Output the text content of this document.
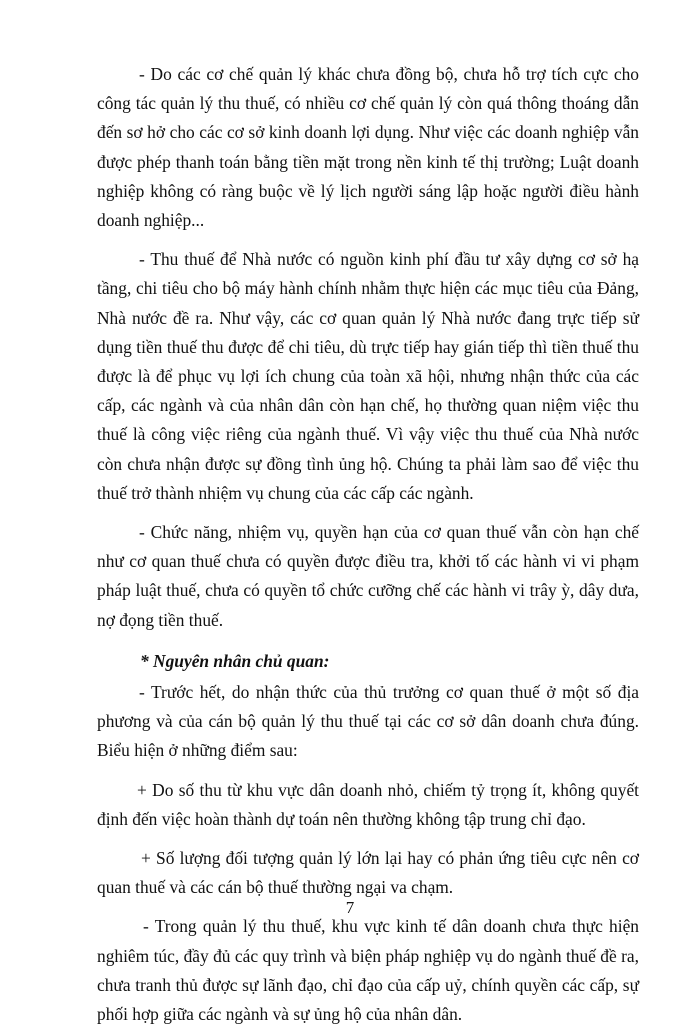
- Do các cơ chế quản lý khác chưa đồng bộ, chưa hỗ trợ tích cực cho công tác quản lý thu thuế, có nhiều cơ chế quản lý còn quá thông thoáng dẫn đến sơ hở cho các cơ sở kinh doanh lợi dụng. Như việc các doanh nghiệp vẫn được phép thanh toán bằng tiền mặt trong nền kinh tế thị trường; Luật doanh nghiệp không có ràng buộc về lý lịch người sáng lập hoặc người điều hành doanh nghiệp...

- Thu thuế để Nhà nước có nguồn kinh phí đầu tư xây dựng cơ sở hạ tầng, chi tiêu cho bộ máy hành chính nhằm thực hiện các mục tiêu của Đảng, Nhà nước đề ra. Như vậy, các cơ quan quản lý Nhà nước đang trực tiếp sử dụng tiền thuế thu được để chi tiêu, dù trực tiếp hay gián tiếp thì tiền thuế thu được là để phục vụ lợi ích chung của toàn xã hội, nhưng nhận thức của các cấp, các ngành và của nhân dân còn hạn chế, họ thường quan niệm việc thu thuế là công việc riêng của ngành thuế. Vì vậy việc thu thuế của Nhà nước còn chưa nhận được sự đồng tình ủng hộ. Chúng ta phải làm sao để việc thu thuế trở thành nhiệm vụ chung của các cấp các ngành.

- Chức năng, nhiệm vụ, quyền hạn của cơ quan thuế vẫn còn hạn chế như cơ quan thuế chưa có quyền được điều tra, khởi tố các hành vi vi phạm pháp luật thuế, chưa có quyền tổ chức cưỡng chế các hành vi trây ỳ, dây dưa, nợ đọng tiền thuế.

* Nguyên nhân chủ quan:

- Trước hết, do nhận thức của thủ trưởng cơ quan thuế ở một số địa phương và của cán bộ quản lý thu thuế tại các cơ sở dân doanh chưa đúng. Biểu hiện ở những điểm sau:

+ Do số thu từ khu vực dân doanh nhỏ, chiếm tỷ trọng ít, không quyết định đến việc hoàn thành dự toán nên thường không tập trung chỉ đạo.

+ Số lượng đối tượng quản lý lớn lại hay có phản ứng tiêu cực nên cơ quan thuế và các cán bộ thuế thường ngại va chạm.

- Trong quản lý thu thuế, khu vực kinh tế dân doanh chưa thực hiện nghiêm túc, đầy đủ các quy trình và biện pháp nghiệp vụ do ngành thuế đề ra, chưa tranh thủ được sự lãnh đạo, chỉ đạo của cấp uỷ, chính quyền các cấp, sự phối hợp giữa các ngành và sự ủng hộ của nhân dân.

7
